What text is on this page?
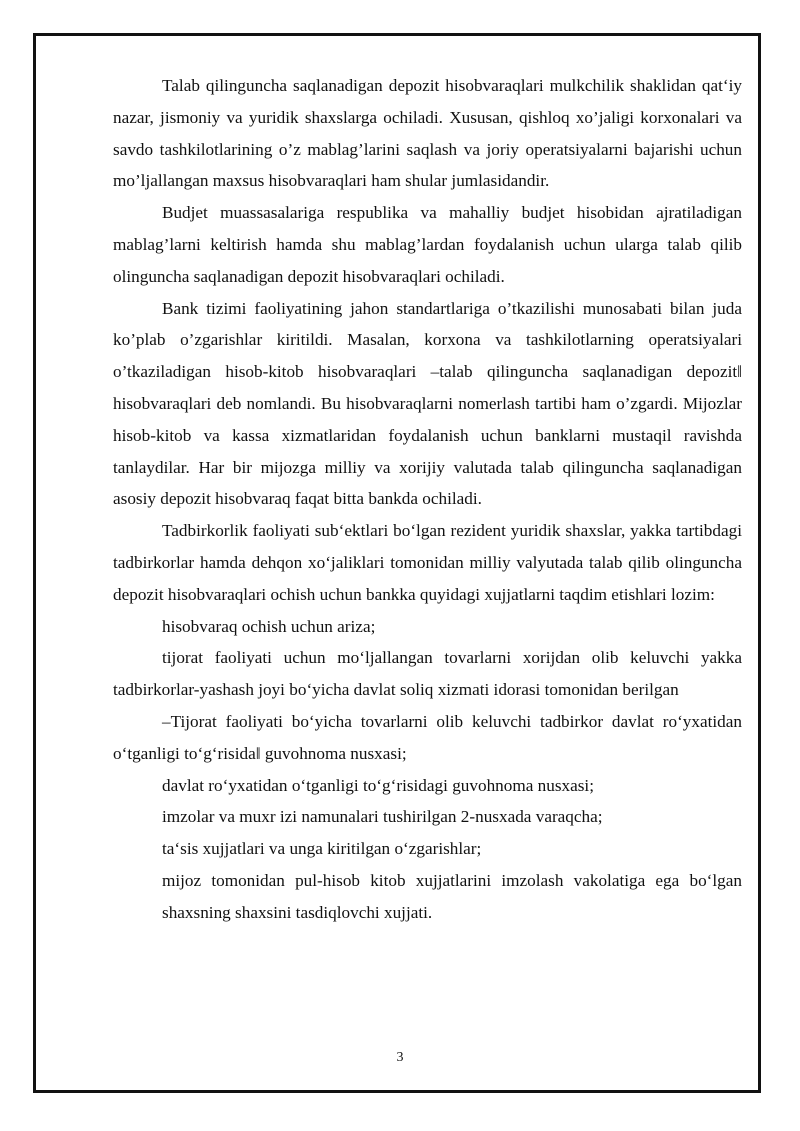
Talab qilinguncha saqlanadigan depozit hisobvaraqlari mulkchilik shaklidan qat‘iy nazar, jismoniy va yuridik shaxslarga ochiladi. Xususan, qishloq xo’jaligi korxonalari va savdo tashkilotlarining o’z mablag’larini saqlash va joriy operatsiyalarni bajarishi uchun mo’ljallangan maxsus hisobvaraqlari ham shular jumlasidandir.

Budjet muassasalariga respublika va mahalliy budjet hisobidan ajratiladigan mablag’larni keltirish hamda shu mablag’lardan foydalanish uchun ularga talab qilib olinguncha saqlanadigan depozit hisobvaraqlari ochiladi.

Bank tizimi faoliyatining jahon standartlariga o’tkazilishi munosabati bilan juda ko’plab o’zgarishlar kiritildi. Masalan, korxona va tashkilotlarning operatsiyalari o’tkaziladigan hisob-kitob hisobvaraqlari ‒talab qilinguncha saqlanadigan depozit‖ hisobvaraqlari deb nomlandi. Bu hisobvaraqlarni nomerlash tartibi ham o’zgardi. Mijozlar hisob-kitob va kassa xizmatlaridan foydalanish uchun banklarni mustaqil ravishda tanlaydilar. Har bir mijozga milliy va xorijiy valutada talab qilinguncha saqlanadigan asosiy depozit hisobvaraq faqat bitta bankda ochiladi.

Tadbirkorlik faoliyati sub‘ektlari bo‘lgan rezident yuridik shaxslar, yakka tartibdagi tadbirkorlar hamda dehqon xo‘jaliklari tomonidan milliy valyutada talab qilib olinguncha depozit hisobvaraqlari ochish uchun bankka quyidagi xujjatlarni taqdim etishlari lozim:

hisobvaraq ochish uchun ariza;

tijorat faoliyati uchun mo‘ljallangan tovarlarni xorijdan olib keluvchi yakka tadbirkorlar-yashash joyi bo‘yicha davlat soliq xizmati idorasi tomonidan berilgan

‒Tijorat faoliyati bo‘yicha tovarlarni olib keluvchi tadbirkor davlat ro‘yxatidan o‘tganligi to‘g‘risida‖ guvohnoma nusxasi;

davlat ro‘yxatidan o‘tganligi to‘g‘risidagi guvohnoma nusxasi;

imzolar va muxr izi namunalari tushirilgan 2-nusxada varaqcha;

ta‘sis xujjatlari va unga kiritilgan o‘zgarishlar;

mijoz tomonidan pul-hisob kitob xujjatlarini imzolash vakolatiga ega bo‘lgan shaxsning shaxsini tasdiqlovchi xujjati.

3
